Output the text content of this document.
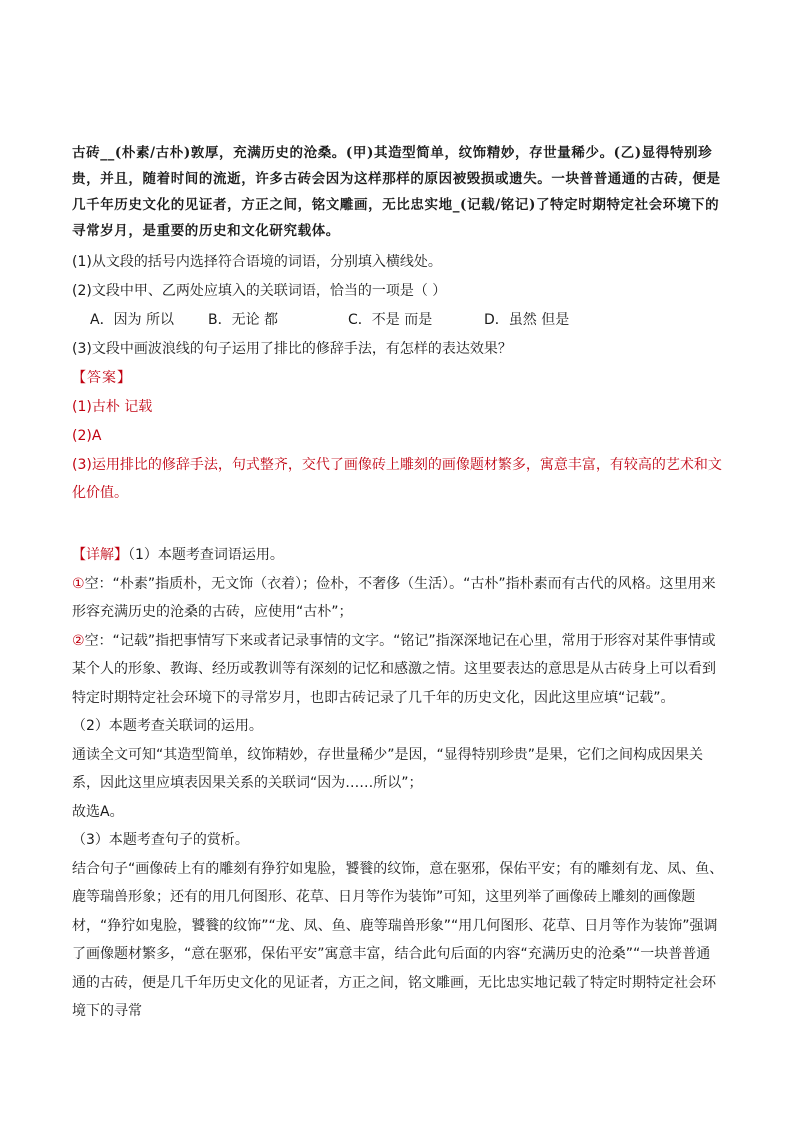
古砖__(朴素/古朴)敦厚，充满历史的沧桑。(甲)其造型简单，纹饰精妙，存世量稀少。(乙)显得特别珍贵，并且，随着时间的流逝，许多古砖会因为这样那样的原因被毁损或遗失。一块普普通通的古砖，便是几千年历史文化的见证者，方正之间，铭文雕画，无比忠实地_(记载/铭记)了特定时期特定社会环境下的寻常岁月，是重要的历史和文化研究载体。

(1)从文段的括号内选择符合语境的词语，分别填入横线处。

(2)文段中甲、乙两处应填入的关联词语，恰当的一项是（ ）

A．因为 所以	B．无论 都	C．不是 而是	D．虽然 但是

(3)文段中画波浪线的句子运用了排比的修辞手法，有怎样的表达效果？

【答案】

(1)古朴 记载

(2)A

(3)运用排比的修辞手法，句式整齐，交代了画像砖上雕刻的画像题材繁多，寓意丰富，有较高的艺术和文化价值。

【详解】（1）本题考查词语运用。

①空：“朴素”指质朴，无文饰（衣着）；俭朴，不奢侈（生活）。“古朴”指朴素而有古代的风格。这里用来形容充满历史的沧桑的古砖，应使用“古朴”；

②空：“记载”指把事情写下来或者记录事情的文字。“铭记”指深深地记在心里，常用于形容对某件事情或某个人的形象、教诲、经历或教训等有深刻的记忆和感激之情。这里要表达的意思是从古砖身上可以看到特定时期特定社会环境下的寻常岁月，也即古砖记录了几千年的历史文化，因此这里应填“记载”。

（2）本题考查关联词的运用。

通读全文可知“其造型简单，纹饰精妙，存世量稀少”是因，“显得特别珍贵”是果，它们之间构成因果关系，因此这里应填表因果关系的关联词“因为……所以”；

故选A。

（3）本题考查句子的赏析。

结合句子“画像砖上有的雕刻有狰狞如鬼脸，饕餮的纹饰，意在驱邪，保佑平安；有的雕刻有龙、凤、鱼、鹿等瑞兽形象；还有的用几何图形、花草、日月等作为装饰”可知，这里列举了画像砖上雕刻的画像题材，“狰狞如鬼脸，饕餮的纹饰”“龙、凤、鱼、鹿等瑞兽形象”“用几何图形、花草、日月等作为装饰”强调了画像题材繁多，“意在驱邪，保佑平安”寓意丰富，结合此句后面的内容“充满历史的沧桑”“一块普普通通的古砖，便是几千年历史文化的见证者，方正之间，铭文雕画，无比忠实地记载了特定时期特定社会环境下的寻常
